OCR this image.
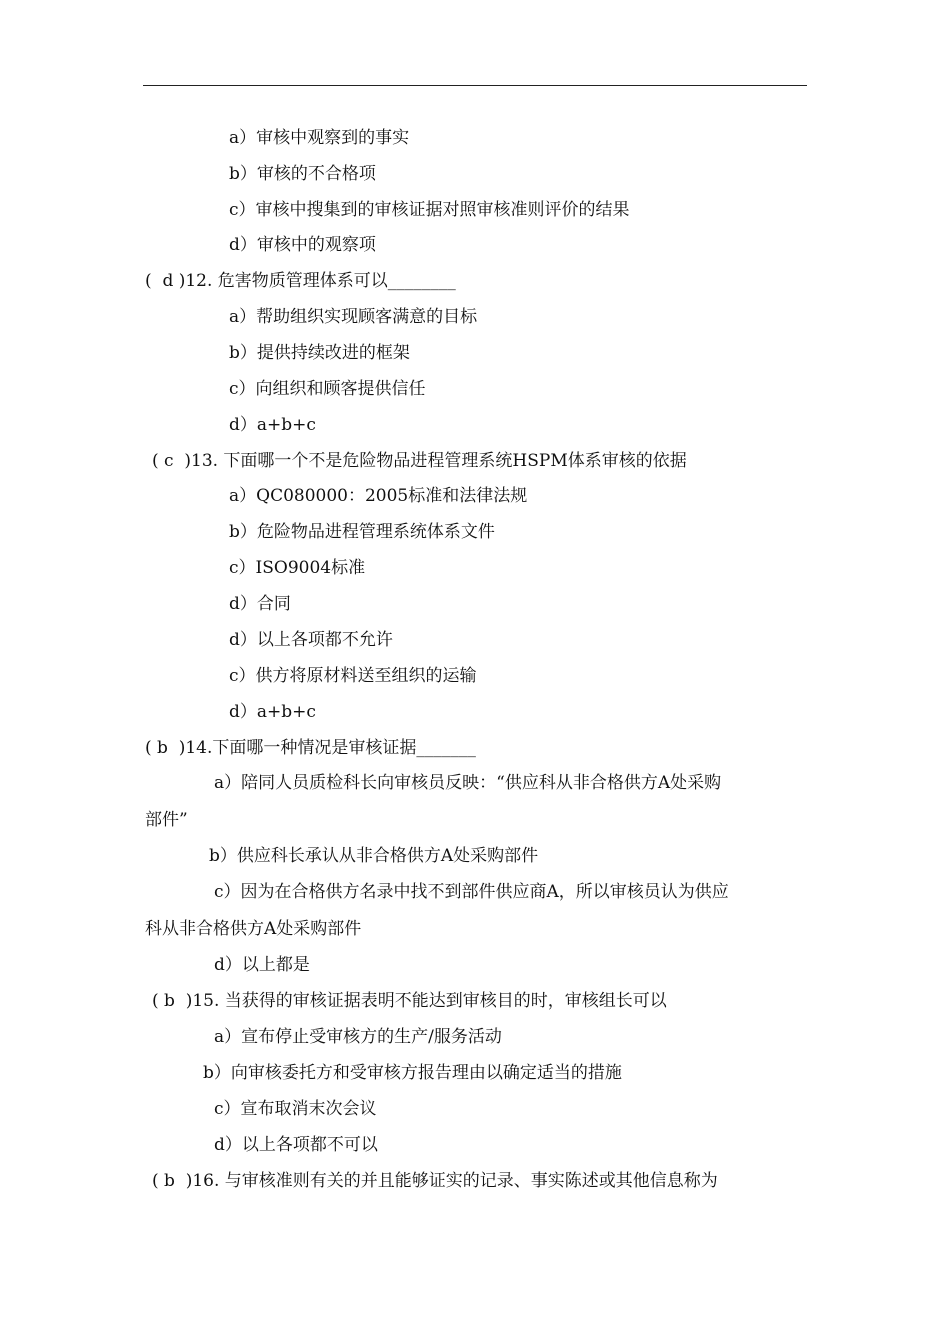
a）审核中观察到的事实
b）审核的不合格项
c）审核中搜集到的审核证据对照审核准则评价的结果
d）审核中的观察项
(  d )12. 危害物质管理体系可以________
a）帮助组织实现顾客满意的目标
b）提供持续改进的框架
c）向组织和顾客提供信任
d）a+b+c
( c  )13. 下面哪一个不是危险物品进程管理系统HSPM体系审核的依据
a）QC080000：2005标准和法律法规
b）危险物品进程管理系统体系文件
c）ISO9004标准
d）合同
d）以上各项都不允许
c）供方将原材料送至组织的运输
d）a+b+c
( b  )14.下面哪一种情况是审核证据_______
a）陪同人员质检科长向审核员反映：“供应科从非合格供方A处采购
部件”
b）供应科长承认从非合格供方A处采购部件
c）因为在合格供方名录中找不到部件供应商A，所以审核员认为供应
科从非合格供方A处采购部件
d）以上都是
( b  )15. 当获得的审核证据表明不能达到审核目的时，审核组长可以
a）宣布停止受审核方的生产/服务活动
b）向审核委托方和受审核方报告理由以确定适当的措施
c）宣布取消末次会议
d）以上各项都不可以
( b  )16. 与审核准则有关的并且能够证实的记录、事实陈述或其他信息称为
